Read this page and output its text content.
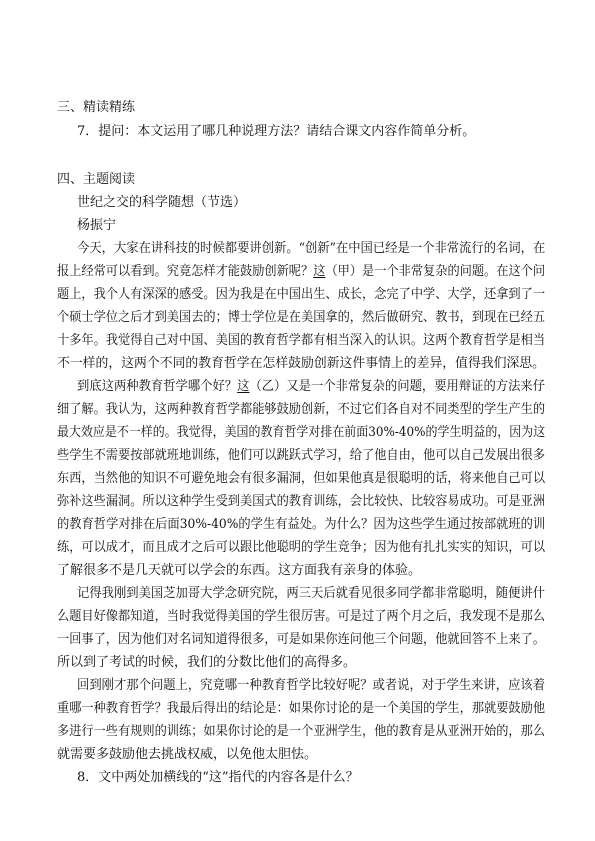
三、精读精练
7．提问：本文运用了哪几种说理方法？请结合课文内容作简单分析。
四、主题阅读
世纪之交的科学随想（节选）
杨振宁
今天，大家在讲科技的时候都要讲创新。“创新”在中国已经是一个非常流行的名词，在
报上经常可以看到。究竟怎样才能鼓励创新呢？这（甲）是一个非常复杂的问题。在这个问
题上，我个人有深深的感受。因为我是在中国出生、成长，念完了中学、大学，还拿到了一
个硕士学位之后才到美国去的；博士学位是在美国拿的，然后做研究、教书，到现在已经五
十多年。我觉得自己对中国、美国的教育哲学都有相当深入的认识。这两个教育哲学是相当
不一样的，这两个不同的教育哲学在怎样鼓励创新这件事情上的差异，值得我们深思。
到底这两种教育哲学哪个好？这（乙）又是一个非常复杂的问题，要用辩证的方法来仔
细了解。我认为，这两种教育哲学都能够鼓励创新，不过它们各自对不同类型的学生产生的
最大效应是不一样的。我觉得，美国的教育哲学对排在前面30%-40%的学生明益的，因为这
些学生不需要按部就班地训练，他们可以跳跃式学习，给了他自由，他可以自己发展出很多
东西，当然他的知识不可避免地会有很多漏洞，但如果他真是很聪明的话，将来他自己可以
弥补这些漏洞。所以这种学生受到美国式的教育训练，会比较快、比较容易成功。可是亚洲
的教育哲学对排在后面30%-40%的学生有益处。为什么？因为这些学生通过按部就班的训
练，可以成才，而且成才之后可以跟比他聪明的学生竞争；因为他有扎扎实实的知识，可以
了解很多不是几天就可以学会的东西。这方面我有亲身的体验。
记得我刚到美国芝加哥大学念研究院，两三天后就看见很多同学都非常聪明，随便讲什
么题目好像都知道，当时我觉得美国的学生很厉害。可是过了两个月之后，我发现不是那么
一回事了，因为他们对名词知道得很多，可是如果你连问他三个问题，他就回答不上来了。
所以到了考试的时候，我们的分数比他们的高得多。
回到刚才那个问题上，究竟哪一种教育哲学比较好呢？或者说，对于学生来讲，应该着
重哪一种教育哲学？我最后得出的结论是：如果你讨论的是一个美国的学生，那就要鼓励他
多进行一些有规则的训练；如果你讨论的是一个亚洲学生，他的教育是从亚洲开始的，那么
就需要多鼓励他去挑战权威，以免他太胆怯。
8．文中两处加横线的“这”指代的内容各是什么？
